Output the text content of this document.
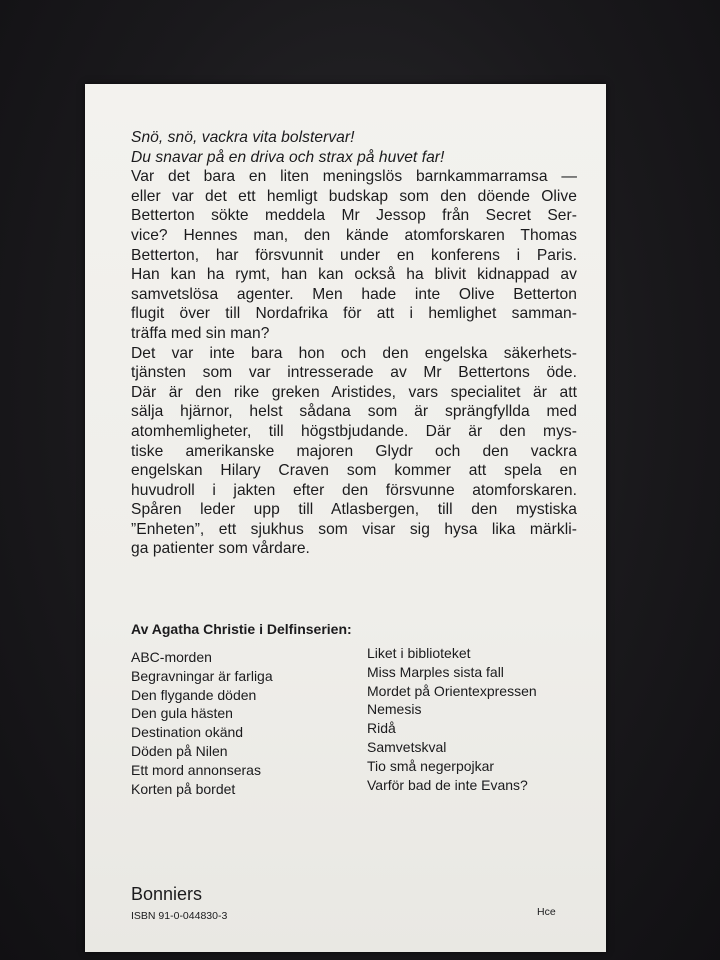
Snö, snö, vackra vita bolstervar!
Du snavar på en driva och strax på huvet far!
Var det bara en liten meningslös barnkammarramsa —
eller var det ett hemligt budskap som den döende Olive
Betterton sökte meddela Mr Jessop från Secret Ser-
vice? Hennes man, den kände atomforskaren Thomas
Betterton, har försvunnit under en konferens i Paris.
Han kan ha rymt, han kan också ha blivit kidnappad av
samvetslösa agenter. Men hade inte Olive Betterton
flugit över till Nordafrika för att i hemlighet samman-
träffa med sin man?
Det var inte bara hon och den engelska säkerhets-
tjänsten som var intresserade av Mr Bettertons öde.
Där är den rike greken Aristides, vars specialitet är att
sälja hjärnor, helst sådana som är sprängfyllda med
atomhemligheter, till högstbjudande. Där är den mys-
tiske amerikanske majoren Glydr och den vackra
engelskan Hilary Craven som kommer att spela en
huvudroll i jakten efter den försvunne atomforskaren.
Spåren leder upp till Atlasbergen, till den mystiska
”Enheten”, ett sjukhus som visar sig hysa lika märkli-
ga patienter som vårdare.
Av Agatha Christie i Delfinserien:
ABC-morden
Begravningar är farliga
Den flygande döden
Den gula hästen
Destination okänd
Döden på Nilen
Ett mord annonseras
Korten på bordet
Liket i biblioteket
Miss Marples sista fall
Mordet på Orientexpressen
Nemesis
Ridå
Samvetskval
Tio små negerpojkar
Varför bad de inte Evans?
Bonniers
ISBN 91-0-044830-3	Hce
